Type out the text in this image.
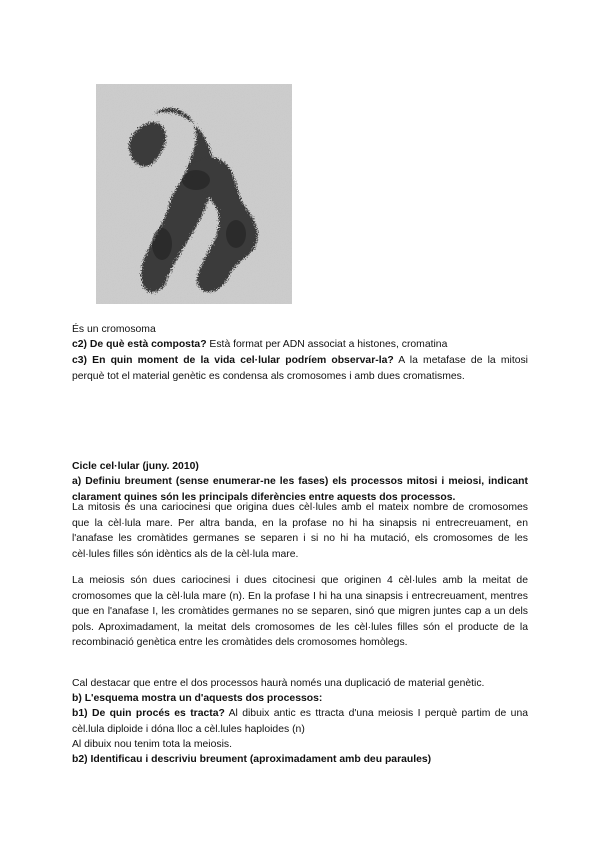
És un cromosoma

c2) De què està composta? Està format per ADN associat a histones, cromatina

c3) En quin moment de la vida cel·lular podríem observar-la? A la metafase de la mitosi perquè tot el material genètic es condensa als cromosomes i amb dues cromatismes.

Cicle cel·lular (juny. 2010)

a) Definiu breument (sense enumerar-ne les fases) els processos mitosi i meiosi, indicant clarament quines són les principals diferències entre aquests dos processos.

La mitosis és una cariocinesi que origina dues cèl·lules amb el mateix nombre de cromosomes que la cèl·lula mare. Per altra banda, en la profase no hi ha sinapsis ni entrecreuament, en l'anafase les cromàtides germanes se separen i si no hi ha mutació, els cromosomes de les cèl·lules filles són idèntics als de la cèl·lula mare.

La meiosis són dues cariocinesi i dues citocinesi que originen 4 cèl·lules amb la meitat de cromosomes que la cèl·lula mare (n). En la profase I hi ha una sinapsis i entrecreuament, mentres que en l'anafase I, les cromàtides germanes no se separen, sinó que migren juntes cap a un dels pols. Aproximadament, la meitat dels cromosomes de les cèl·lules filles són el producte de la recombinació genètica entre les cromàtides dels cromosomes homòlegs.

Cal destacar que entre el dos processos haurà només una duplicació de material genètic.

b) L'esquema mostra un d'aquests dos processos:

b1) De quin procés es tracta? Al dibuix antic es ttracta d'una meiosis I perquè partim de una cèl.lula diploide i dóna lloc a cèl.lules haploides (n)

Al dibuix nou tenim tota la meiosis.

b2) Identificau i descriviu breument (aproximadament amb deu paraules)
